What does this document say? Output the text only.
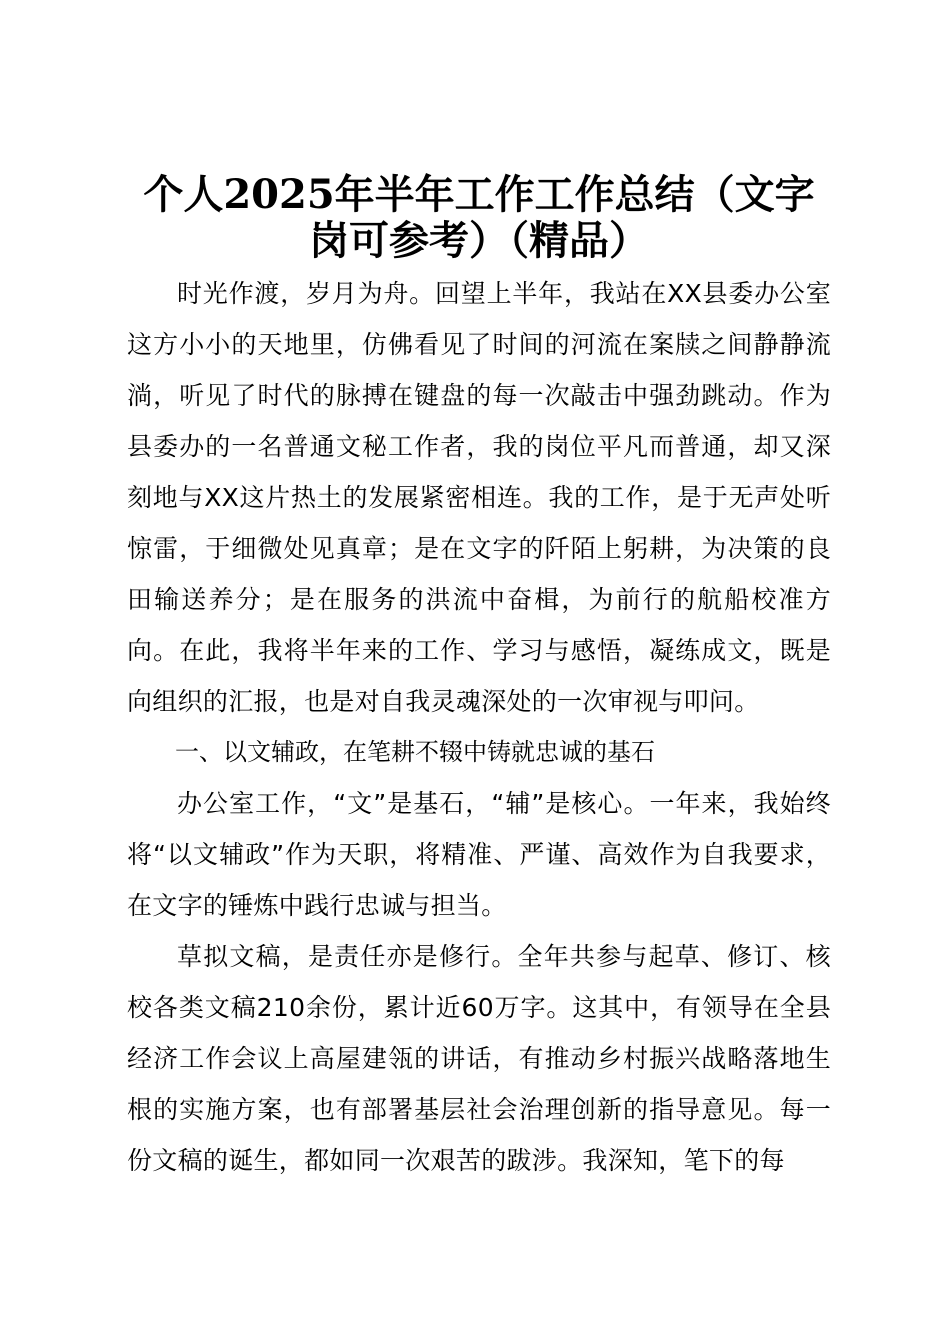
个人2025年半年工作工作总结（文字
岗可参考）（精品）

时光作渡，岁月为舟。回望上半年，我站在XX县委办公室这方小小的天地里，仿佛看见了时间的河流在案牍之间静静流淌，听见了时代的脉搏在键盘的每一次敲击中强劲跳动。作为县委办的一名普通文秘工作者，我的岗位平凡而普通，却又深刻地与XX这片热土的发展紧密相连。我的工作，是于无声处听惊雷，于细微处见真章；是在文字的阡陌上躬耕，为决策的良田输送养分；是在服务的洪流中奋楫，为前行的航船校准方向。在此，我将半年来的工作、学习与感悟，凝练成文，既是向组织的汇报，也是对自我灵魂深处的一次审视与叩问。

一、以文辅政，在笔耕不辍中铸就忠诚的基石

办公室工作，“文”是基石，“辅”是核心。一年来，我始终将“以文辅政”作为天职，将精准、严谨、高效作为自我要求，在文字的锤炼中践行忠诚与担当。

草拟文稿，是责任亦是修行。全年共参与起草、修订、核校各类文稿210余份，累计近60万字。这其中，有领导在全县经济工作会议上高屋建瓴的讲话，有推动乡村振兴战略落地生根的实施方案，也有部署基层社会治理创新的指导意见。每一份文稿的诞生，都如同一次艰苦的跋涉。我深知，笔下的每
